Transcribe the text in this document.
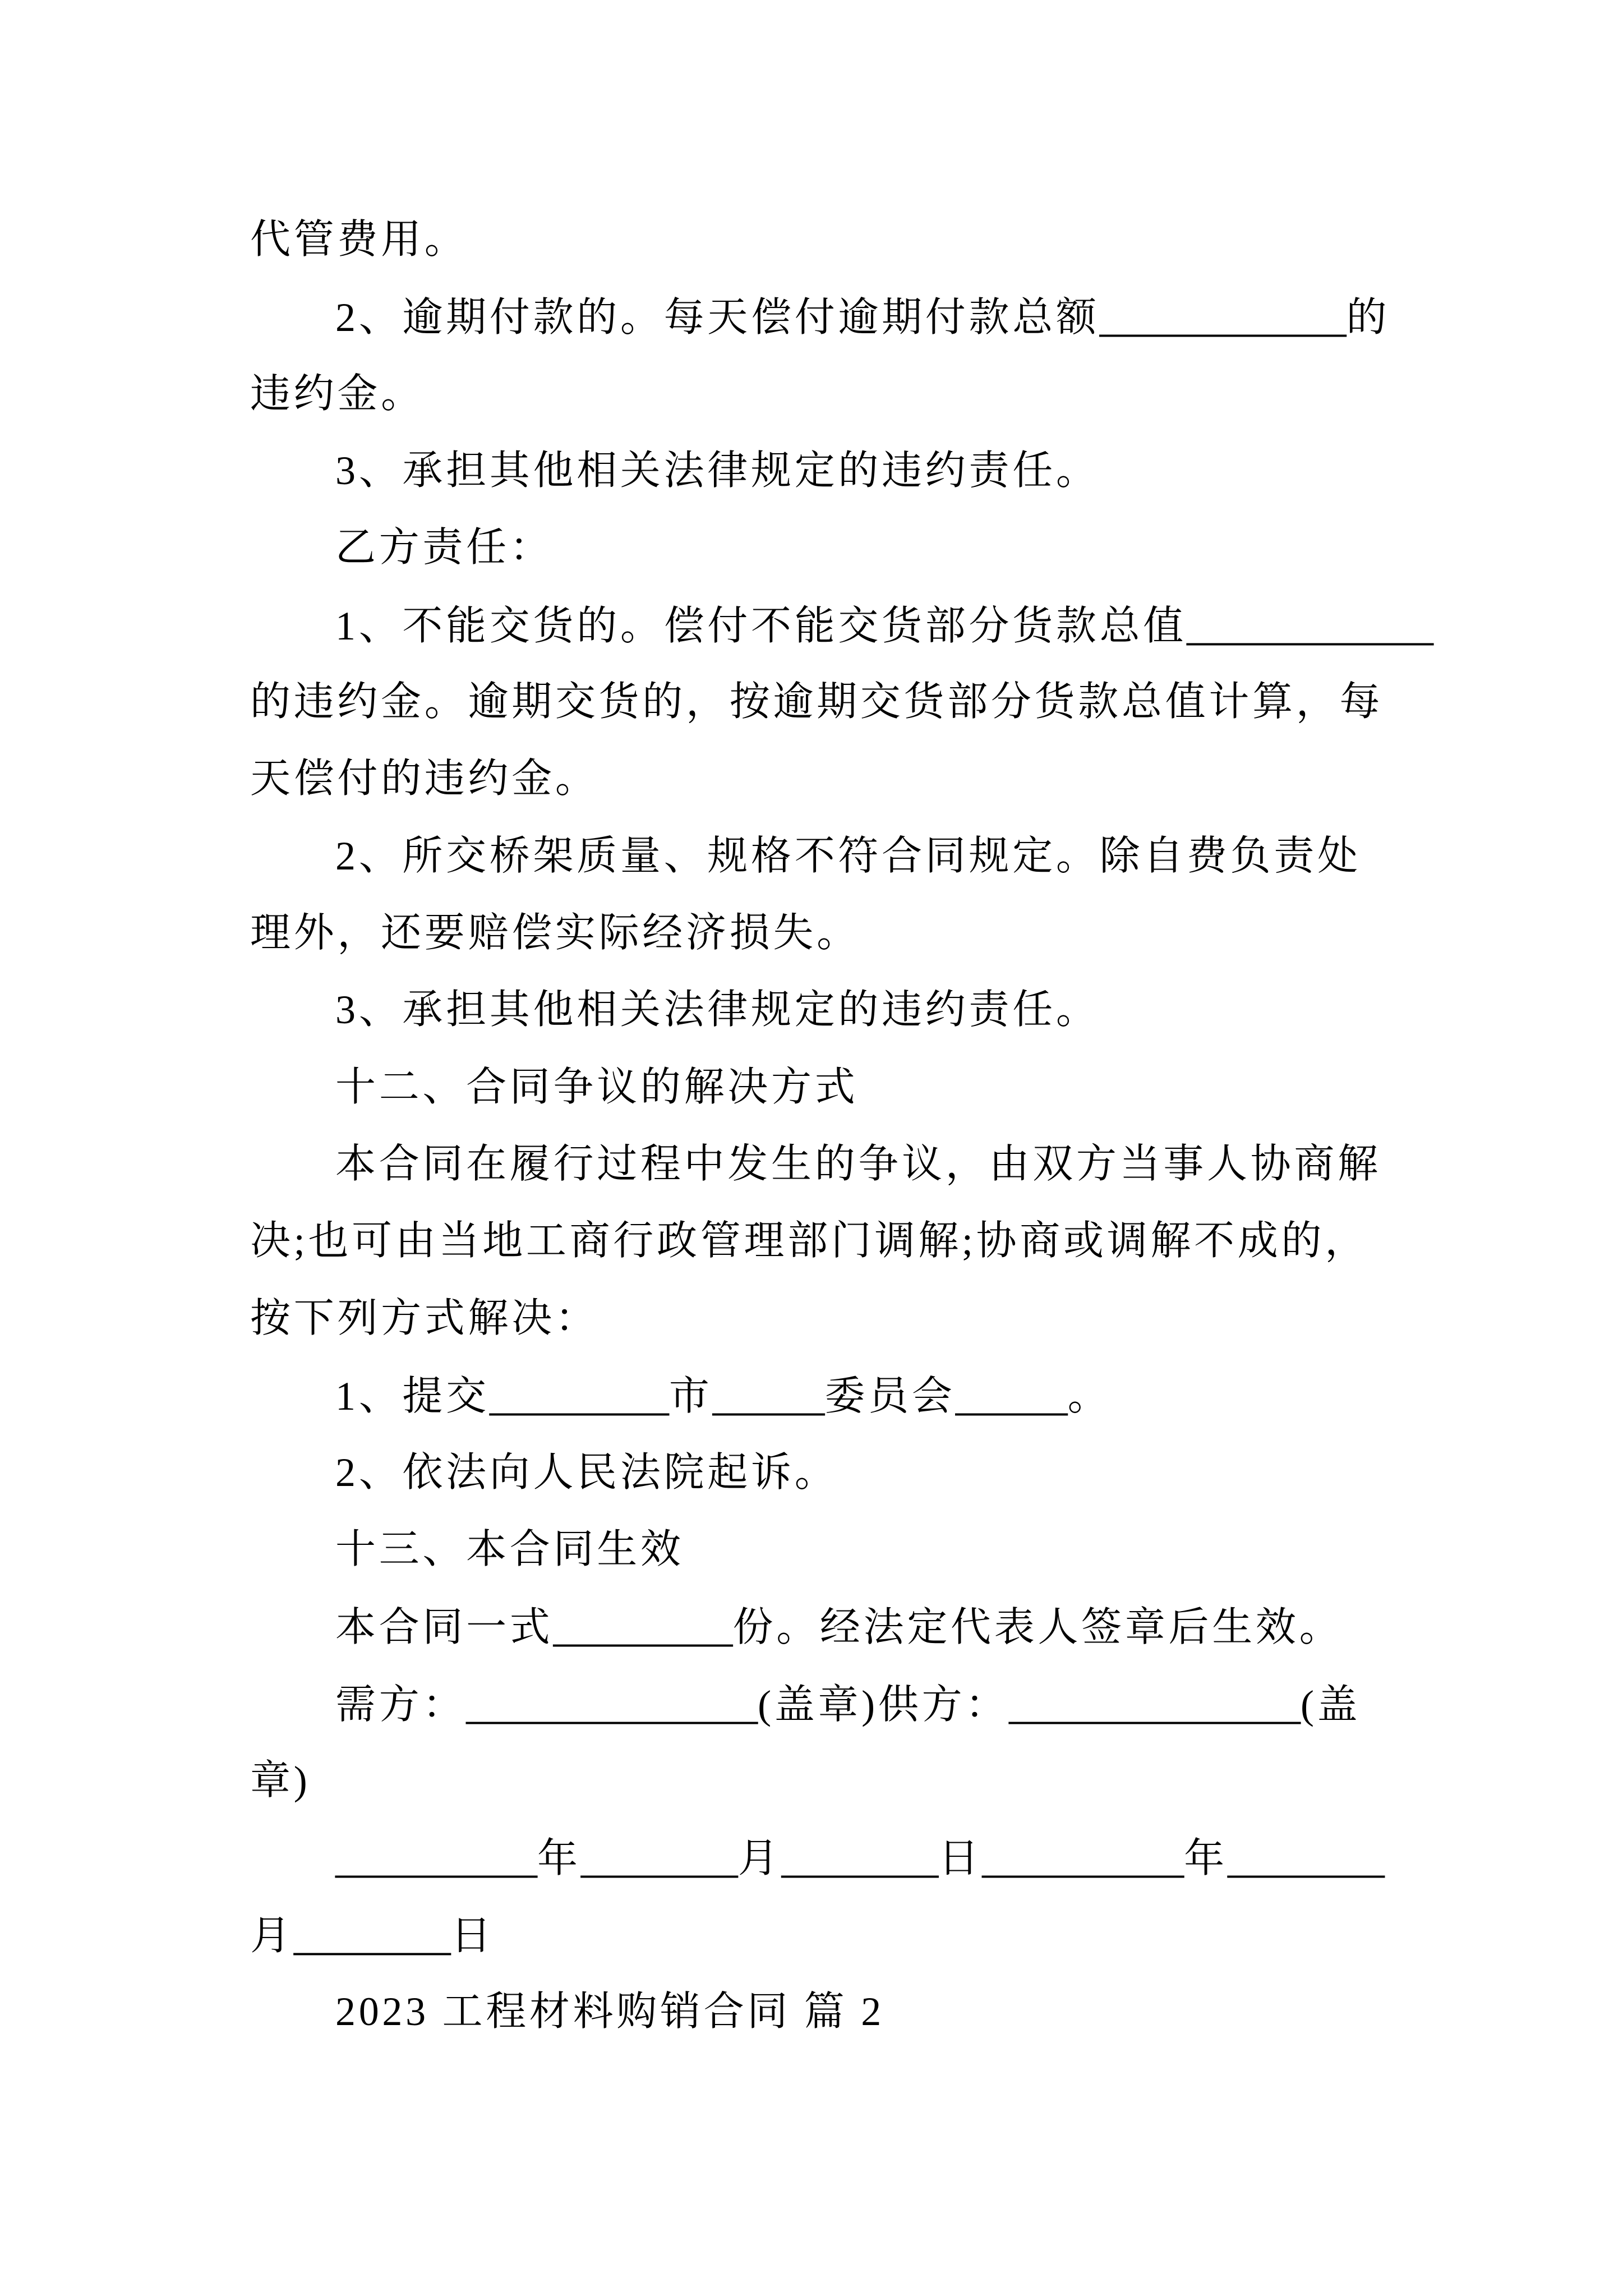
代管费用。
2、逾期付款的。每天偿付逾期付款总额___________的
违约金。
3、承担其他相关法律规定的违约责任。
乙方责任：
1、不能交货的。偿付不能交货部分货款总值___________
的违约金。逾期交货的，按逾期交货部分货款总值计算，每
天偿付的违约金。
2、所交桥架质量、规格不符合同规定。除自费负责处
理外，还要赔偿实际经济损失。
3、承担其他相关法律规定的违约责任。
十二、合同争议的解决方式
本合同在履行过程中发生的争议，由双方当事人协商解
决;也可由当地工商行政管理部门调解;协商或调解不成的，
按下列方式解决：
1、提交________市_____委员会_____。
2、依法向人民法院起诉。
十三、本合同生效
本合同一式________份。经法定代表人签章后生效。
需方：_____________(盖章)供方：_____________(盖
章)
_________年_______月_______日_________年_______
月_______日
2023 工程材料购销合同 篇 2
